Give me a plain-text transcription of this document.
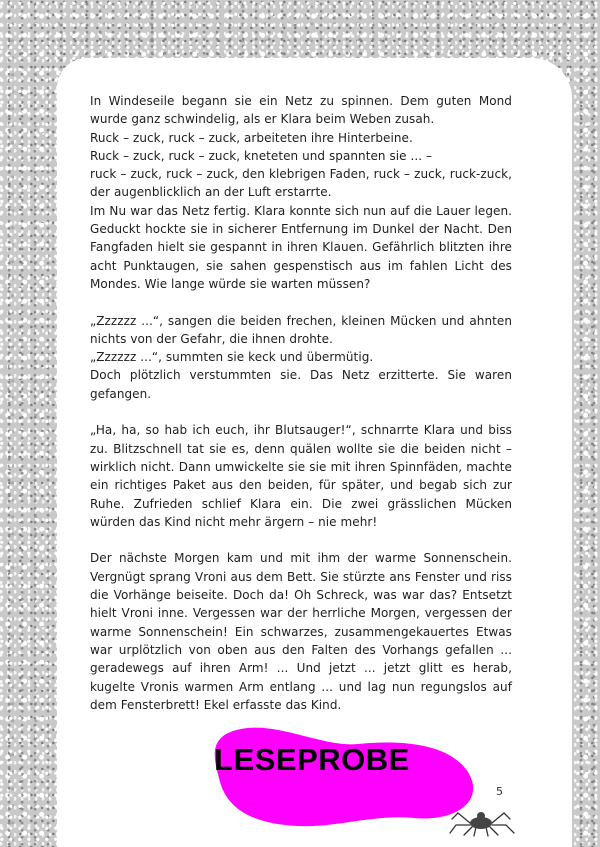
In Windeseile begann sie ein Netz zu spinnen. Dem guten Mond wurde ganz schwindelig, als er Klara beim Weben zusah.

Ruck – zuck, ruck – zuck, arbeiteten ihre Hinterbeine.

Ruck – zuck, ruck – zuck, kneteten und spannten sie ... –

ruck – zuck, ruck – zuck, den klebrigen Faden, ruck – zuck, ruck-zuck, der augenblicklich an der Luft erstarrte.

Im Nu war das Netz fertig. Klara konnte sich nun auf die Lauer legen. Geduckt hockte sie in sicherer Entfernung im Dunkel der Nacht. Den Fangfaden hielt sie gespannt in ihren Klauen. Gefährlich blitzten ihre acht Punktaugen, sie sahen gespenstisch aus im fahlen Licht des Mondes. Wie lange würde sie warten müssen?

„Zzzzzz ...“, sangen die beiden frechen, kleinen Mücken und ahnten nichts von der Gefahr, die ihnen drohte.

„Zzzzzz ...“, summten sie keck und übermütig.

Doch plötzlich verstummten sie. Das Netz erzitterte. Sie waren gefangen.

„Ha, ha, so hab ich euch, ihr Blutsauger!“, schnarrte Klara und biss zu. Blitzschnell tat sie es, denn quälen wollte sie die beiden nicht – wirklich nicht. Dann umwickelte sie sie mit ihren Spinnfäden, machte ein richtiges Paket aus den beiden, für später, und begab sich zur Ruhe. Zufrieden schlief Klara ein. Die zwei grässlichen Mücken würden das Kind nicht mehr ärgern – nie mehr!

Der nächste Morgen kam und mit ihm der warme Sonnenschein. Vergnügt sprang Vroni aus dem Bett. Sie stürzte ans Fenster und riss die Vorhänge beiseite. Doch da! Oh Schreck, was war das? Entsetzt hielt Vroni inne. Vergessen war der herrliche Morgen, vergessen der warme Sonnenschein! Ein schwarzes, zusammengekauertes Etwas war urplötzlich von oben aus den Falten des Vorhangs gefallen ... geradewegs auf ihren Arm! ... Und jetzt ... jetzt glitt es herab, kugelte Vronis warmen Arm entlang ... und lag nun regungslos auf dem Fensterbrett! Ekel erfasste das Kind.

5
LESEPROBE
